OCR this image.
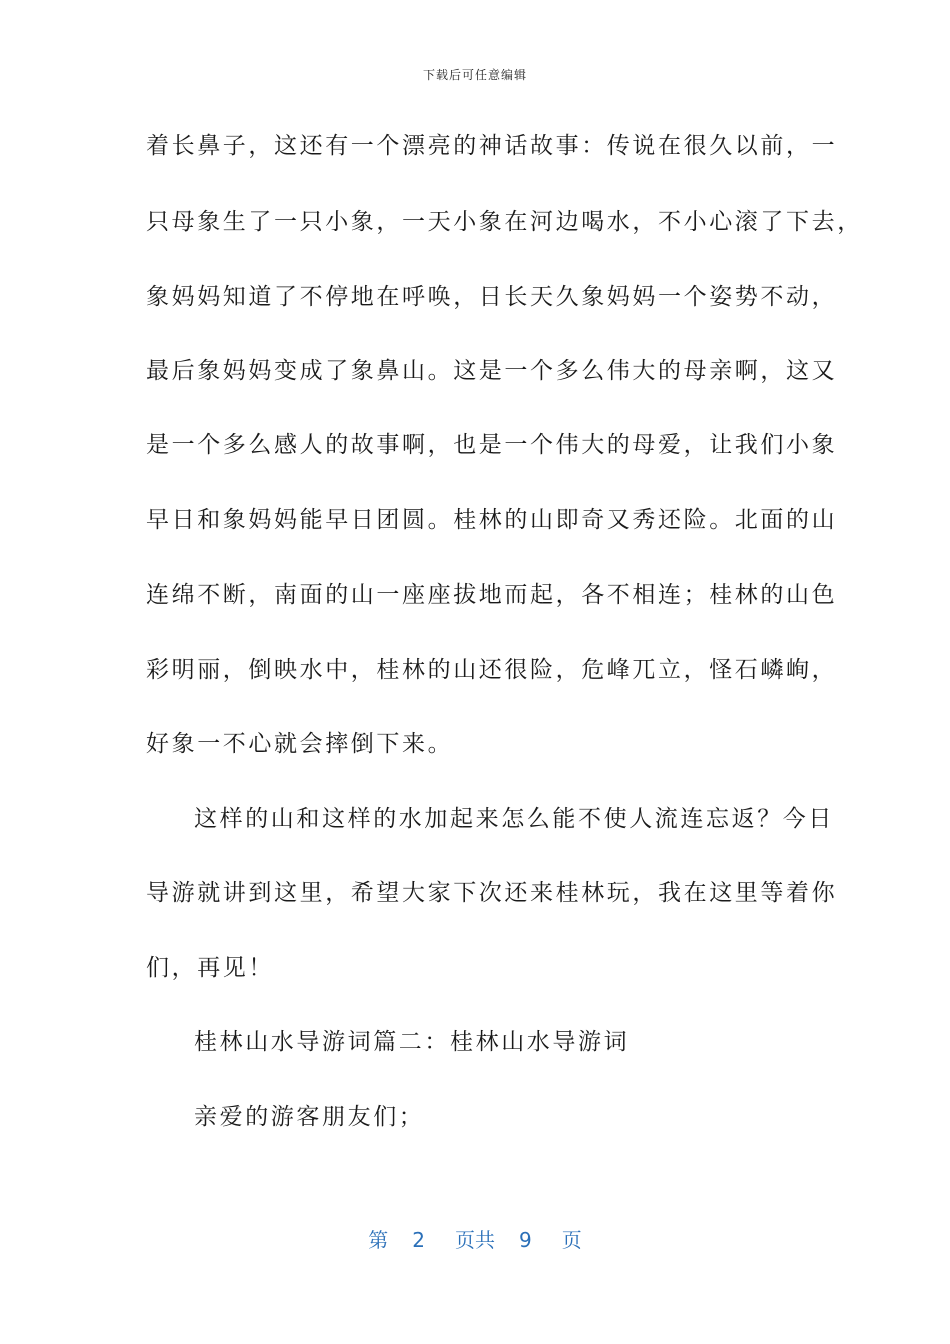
下载后可任意编辑
着长鼻子，这还有一个漂亮的神话故事：传说在很久以前，一
只母象生了一只小象，一天小象在河边喝水，不小心滚了下去，
象妈妈知道了不停地在呼唤，日长天久象妈妈一个姿势不动，
最后象妈妈变成了象鼻山。这是一个多么伟大的母亲啊，这又
是一个多么感人的故事啊，也是一个伟大的母爱，让我们小象
早日和象妈妈能早日团圆。桂林的山即奇又秀还险。北面的山
连绵不断，南面的山一座座拔地而起，各不相连；桂林的山色
彩明丽，倒映水中，桂林的山还很险，危峰兀立，怪石嶙峋，
好象一不心就会摔倒下来。
这样的山和这样的水加起来怎么能不使人流连忘返？今日
导游就讲到这里，希望大家下次还来桂林玩，我在这里等着你
们，再见！
桂林山水导游词篇二：桂林山水导游词
亲爱的游客朋友们；
第 2 页共 9 页
